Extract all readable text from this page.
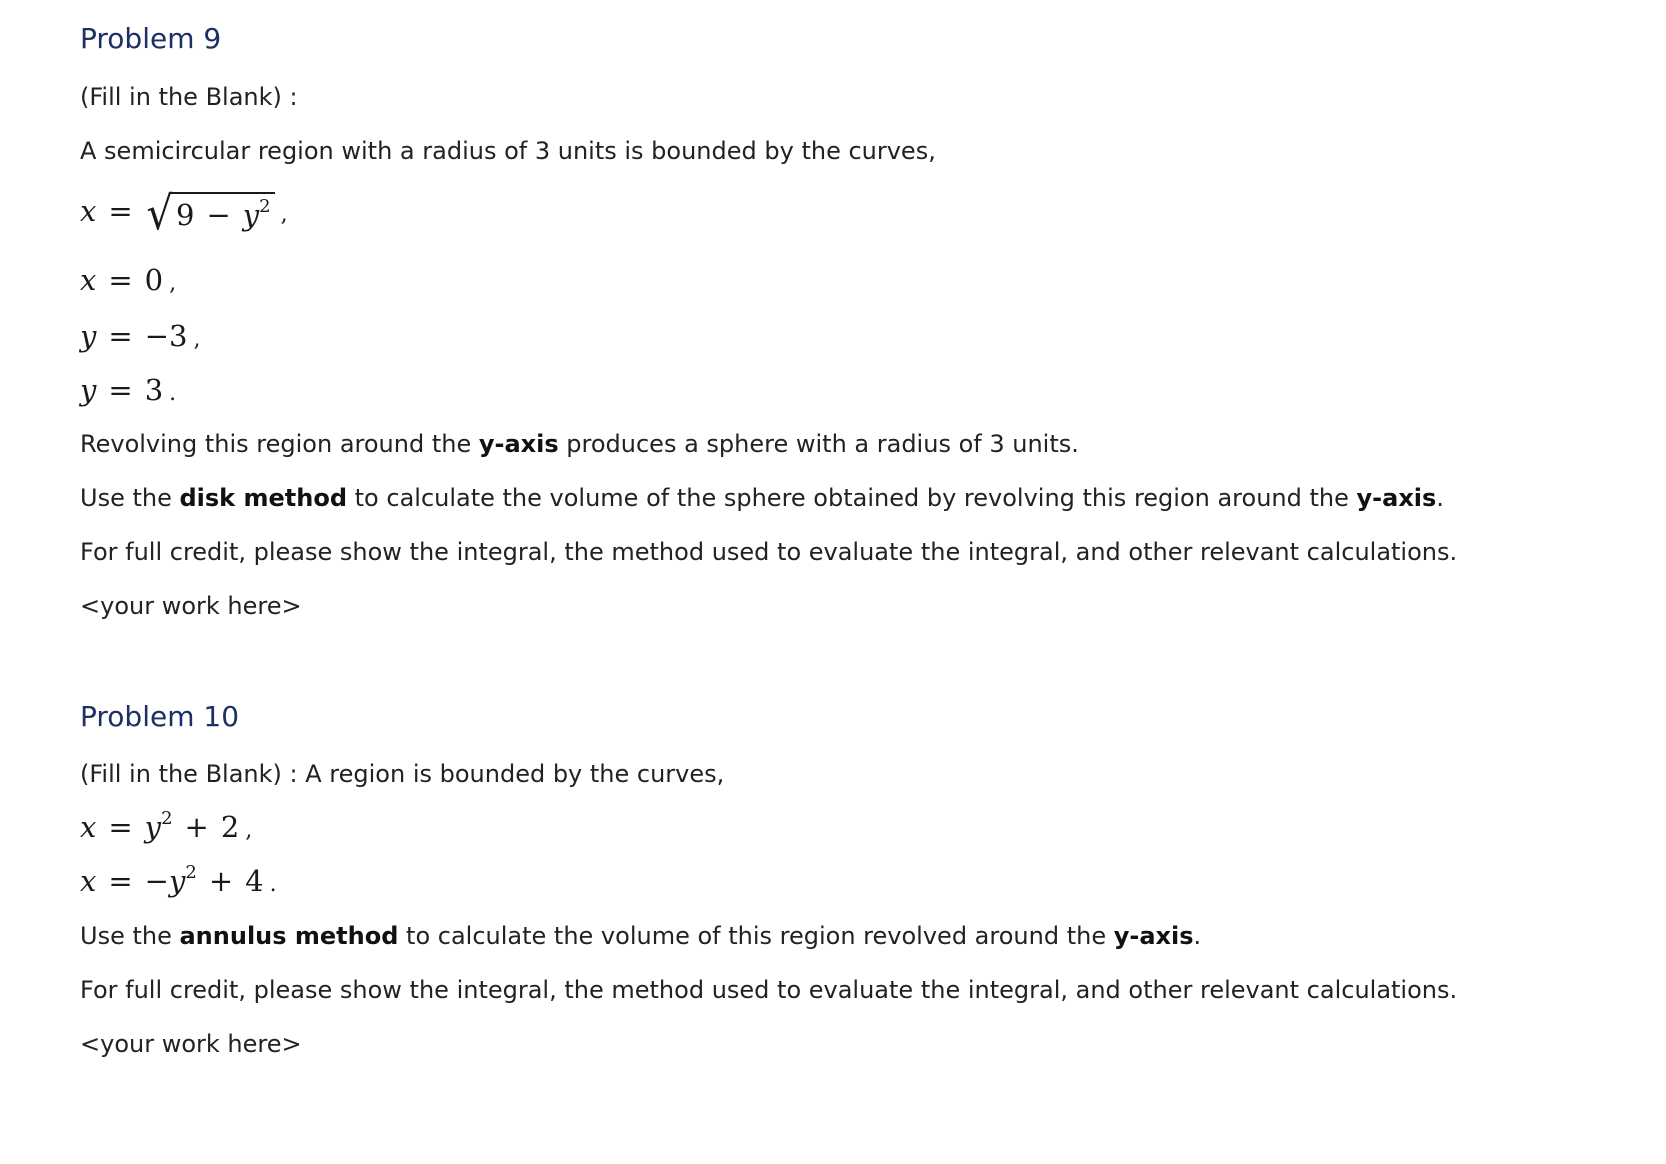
Problem 9
(Fill in the Blank) :
A semicircular region with a radius of 3 units is bounded by the curves,
x = √ $9 - y^2$ ,
x = 0 ,
y = −3 ,
y = 3 .
Revolving this region around the y-axis produces a sphere with a radius of 3 units.
Use the disk method to calculate the volume of the sphere obtained by revolving this region around the y-axis.
For full credit, please show the integral, the method used to evaluate the integral, and other relevant calculations.
<your work here>
Problem 10
(Fill in the Blank) : A region is bounded by the curves,
$x = y^2 + 2$ ,
$x = -y^2 + 4$ .
Use the annulus method to calculate the volume of this region revolved around the y-axis.
For full credit, please show the integral, the method used to evaluate the integral, and other relevant calculations.
<your work here>
